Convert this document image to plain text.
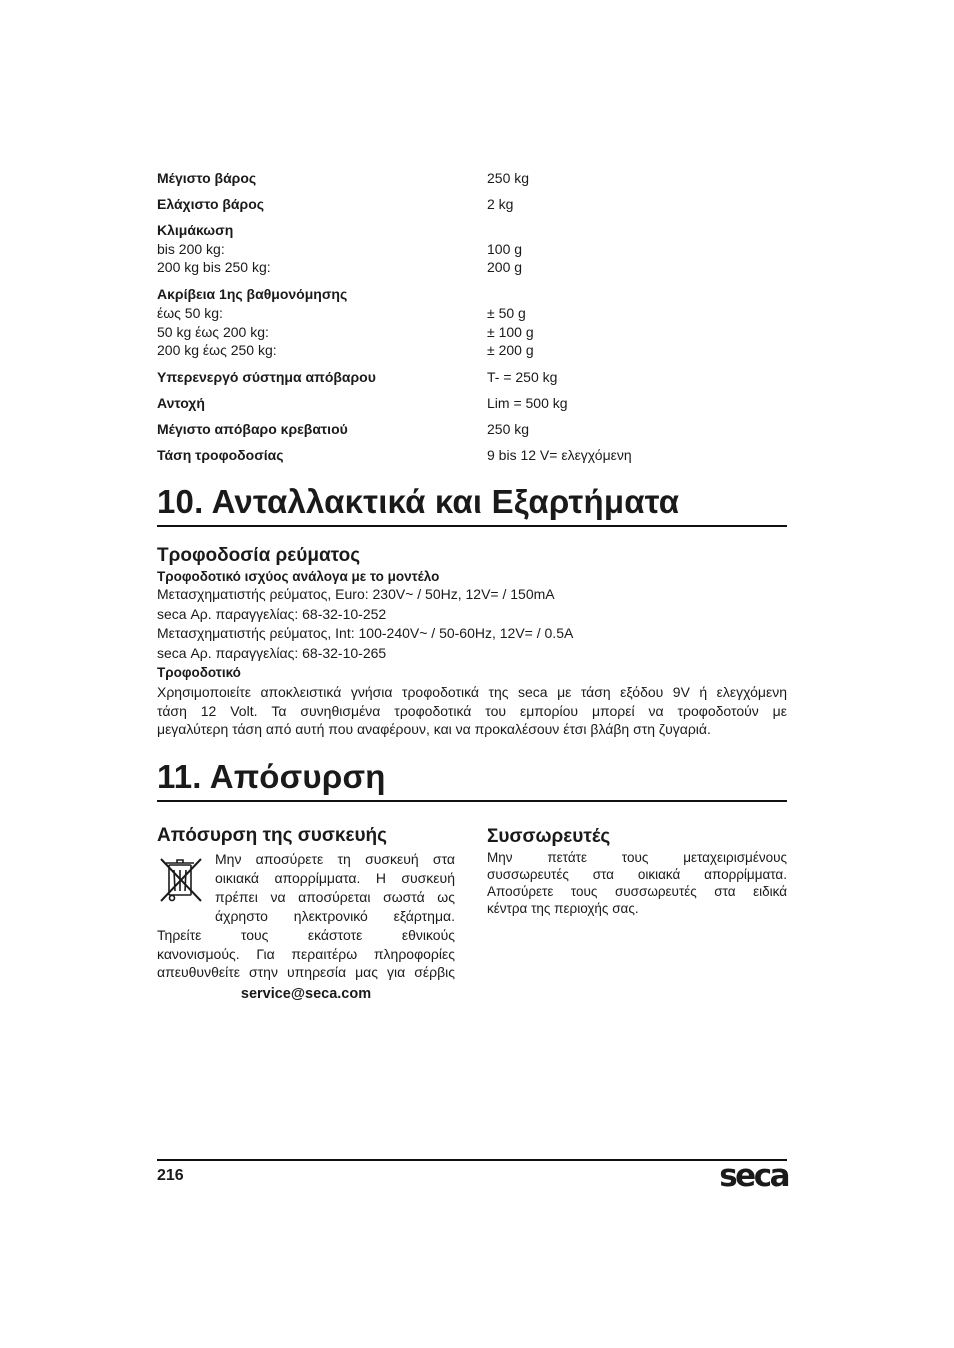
Μέγιστο βάρος	250 kg
Ελάχιστο βάρος	2 kg
Κλιμάκωση
bis 200 kg:	100 g
200 kg bis 250 kg:	200 g
Ακρίβεια 1ης βαθμονόμησης
έως 50 kg:	± 50 g
50 kg έως 200 kg:	± 100 g
200 kg έως 250 kg:	± 200 g
Υπερενεργό σύστημα απόβαρου	T- = 250 kg
Αντοχή	Lim = 500 kg
Μέγιστο απόβαρο κρεβατιού	250 kg
Τάση τροφοδοσίας	9 bis 12 V= ελεγχόμενη
10. Ανταλλακτικά και Εξαρτήματα
Τροφοδοσία ρεύματος
Τροφοδοτικό ισχύος ανάλογα με το μοντέλο
Μετασχηματιστής ρεύματος, Euro: 230V~ / 50Hz, 12V= / 150mA
seca Αρ. παραγγελίας: 68-32-10-252
Μετασχηματιστής ρεύματος, Int: 100-240V~ / 50-60Hz, 12V= / 0.5A
seca Αρ. παραγγελίας: 68-32-10-265
Τροφοδοτικό
Χρησιμοποιείτε αποκλειστικά γνήσια τροφοδοτικά της seca με τάση εξόδου 9V ή ελεγχόμενη
τάση 12 Volt. Τα συνηθισμένα τροφοδοτικά του εμπορίου μπορεί να τροφοδοτούν με
μεγαλύτερη τάση από αυτή που αναφέρουν, και να προκαλέσουν έτσι βλάβη στη ζυγαριά.
11. Απόσυρση
Απόσυρση της συσκευής
Μην αποσύρετε τη συσκευή στα
οικιακά απορρίμματα. Η συσκευή
πρέπει να αποσύρεται σωστά ως
άχρηστο ηλεκτρονικό εξάρτημα.
Τηρείτε τους εκάστοτε εθνικούς
κανονισμούς. Για περαιτέρω πληροφορίες
απευθυνθείτε στην υπηρεσία μας για σέρβις
service@seca.com
Συσσωρευτές
Μην πετάτε τους μεταχειρισμένους
συσσωρευτές στα οικιακά απορρίμματα.
Αποσύρετε τους συσσωρευτές στα ειδικά
κέντρα της περιοχής σας.
216	seca
